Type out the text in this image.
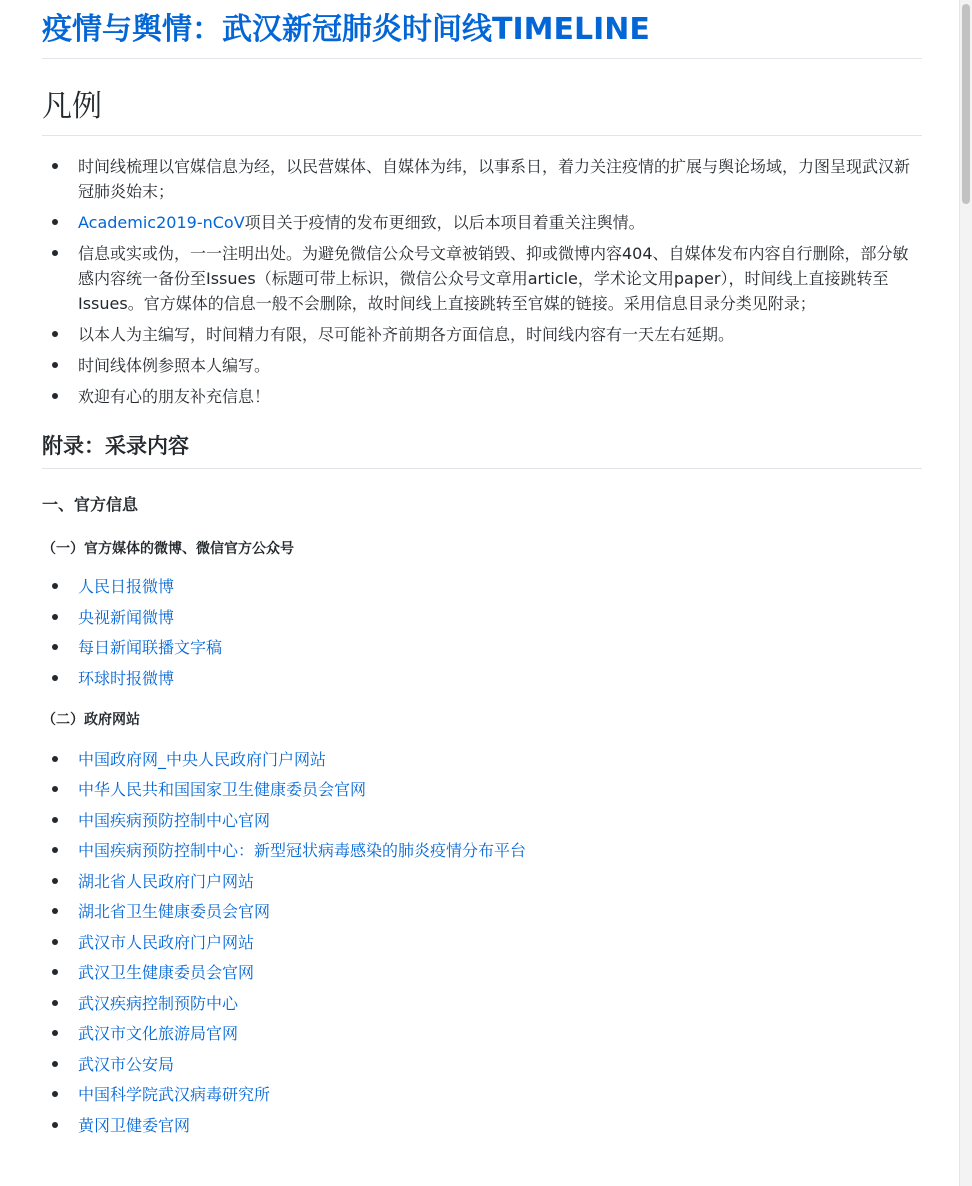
疫情与舆情：武汉新冠肺炎时间线TIMELINE
凡例
时间线梳理以官媒信息为经，以民营媒体、自媒体为纬，以事系日，着力关注疫情的扩展与舆论场域，力图呈现武汉新冠肺炎始末；
Academic2019-nCoV项目关于疫情的发布更细致，以后本项目着重关注舆情。
信息或实或伪，一一注明出处。为避免微信公众号文章被销毁、抑或微博内容404、自媒体发布内容自行删除，部分敏感内容统一备份至Issues（标题可带上标识，微信公众号文章用article，学术论文用paper），时间线上直接跳转至Issues。官方媒体的信息一般不会删除，故时间线上直接跳转至官媒的链接。采用信息目录分类见附录；
以本人为主编写，时间精力有限，尽可能补齐前期各方面信息，时间线内容有一天左右延期。
时间线体例参照本人编写。
欢迎有心的朋友补充信息！
附录：采录内容
一、官方信息
（一）官方媒体的微博、微信官方公众号
人民日报微博
央视新闻微博
每日新闻联播文字稿
环球时报微博
（二）政府网站
中国政府网_中央人民政府门户网站
中华人民共和国国家卫生健康委员会官网
中国疾病预防控制中心官网
中国疾病预防控制中心：新型冠状病毒感染的肺炎疫情分布平台
湖北省人民政府门户网站
湖北省卫生健康委员会官网
武汉市人民政府门户网站
武汉卫生健康委员会官网
武汉疾病控制预防中心
武汉市文化旅游局官网
武汉市公安局
中国科学院武汉病毒研究所
黄冈卫健委官网
